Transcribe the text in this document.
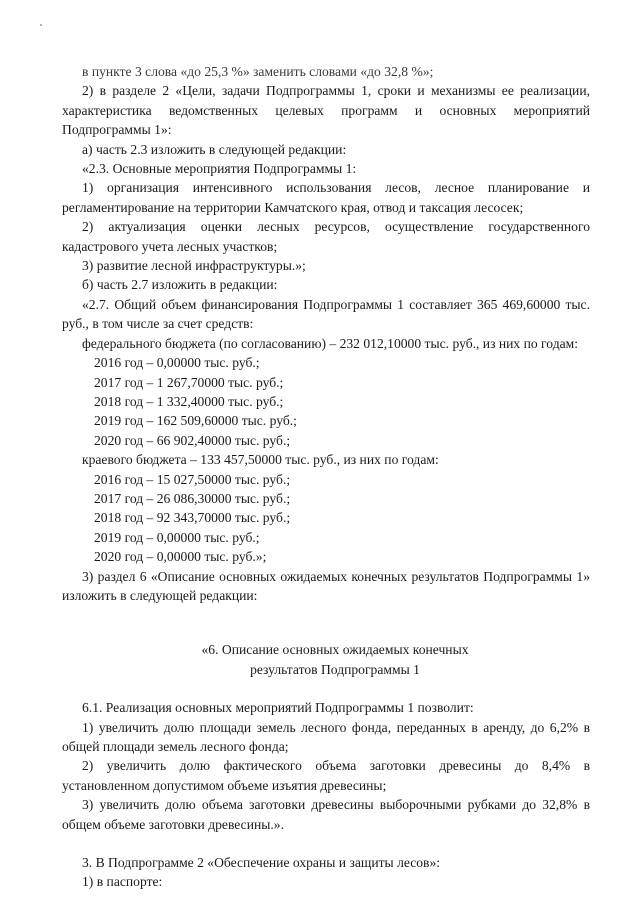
в пункте 3 слова «до 25,3 %» заменить словами «до 32,8 %»;

2) в разделе 2 «Цели, задачи Подпрограммы 1, сроки и механизмы ее реализации, характеристика ведомственных целевых программ и основных мероприятий Подпрограммы 1»:

а) часть 2.3 изложить в следующей редакции:

«2.3. Основные мероприятия Подпрограммы 1:

1) организация интенсивного использования лесов, лесное планирование и регламентирование на территории Камчатского края, отвод и таксация лесосек;

2) актуализация оценки лесных ресурсов, осуществление государственного кадастрового учета лесных участков;

3) развитие лесной инфраструктуры.»;

б) часть 2.7 изложить в редакции:

«2.7. Общий объем финансирования Подпрограммы 1 составляет 365 469,60000 тыс. руб., в том числе за счет средств:

федерального бюджета (по согласованию) – 232 012,10000 тыс. руб., из них по годам:

2016 год – 0,00000 тыс. руб.;

2017 год – 1 267,70000 тыс. руб.;

2018 год – 1 332,40000 тыс. руб.;

2019 год – 162 509,60000 тыс. руб.;

2020 год – 66 902,40000 тыс. руб.;

краевого бюджета – 133 457,50000 тыс. руб., из них по годам:

2016 год – 15 027,50000 тыс. руб.;

2017 год – 26 086,30000 тыс. руб.;

2018 год – 92 343,70000 тыс. руб.;

2019 год – 0,00000 тыс. руб.;

2020 год – 0,00000 тыс. руб.»;

3) раздел 6 «Описание основных ожидаемых конечных результатов Подпрограммы 1» изложить в следующей редакции:

«6. Описание основных ожидаемых конечных

результатов Подпрограммы 1

6.1. Реализация основных мероприятий Подпрограммы 1 позволит:

1) увеличить долю площади земель лесного фонда, переданных в аренду, до 6,2% в общей площади земель лесного фонда;

2) увеличить долю фактического объема заготовки древесины до 8,4% в установленном допустимом объеме изъятия древесины;

3) увеличить долю объема заготовки древесины выборочными рубками до 32,8% в общем объеме заготовки древесины.».

3. В Подпрограмме 2 «Обеспечение охраны и защиты лесов»:

1) в паспорте:
